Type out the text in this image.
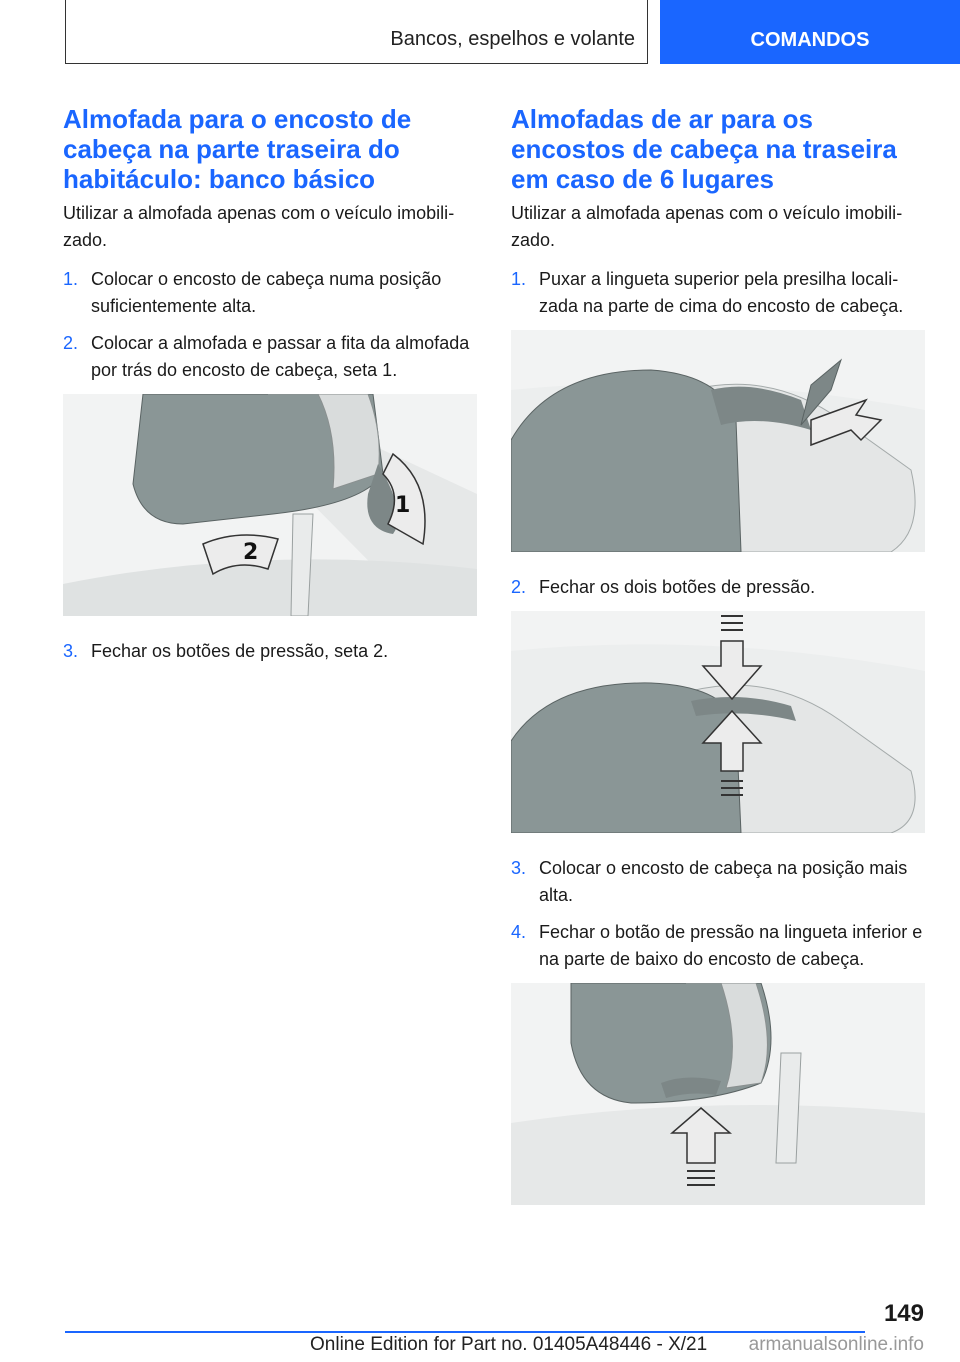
Bancos, espelhos e volante	COMANDOS
Almofada para o encosto de cabeça na parte traseira do habitáculo: banco básico

Utilizar a almofada apenas com o veículo imobilizado.

1. Colocar o encosto de cabeça numa posição suficientemente alta.
2. Colocar a almofada e passar a fita da almofada por trás do encosto de cabeça, seta 1.
1
2
3. Fechar os botões de pressão, seta 2.
Almofadas de ar para os encostos de cabeça na traseira em caso de 6 lugares

Utilizar a almofada apenas com o veículo imobilizado.

1. Puxar a lingueta superior pela presilha localizada na parte de cima do encosto de cabeça.
2. Fechar os dois botões de pressão.
3. Colocar o encosto de cabeça na posição mais alta.
4. Fechar o botão de pressão na lingueta inferior e na parte de baixo do encosto de cabeça.
149
Online Edition for Part no. 01405A48446 - X/21 armanualsonline.info
